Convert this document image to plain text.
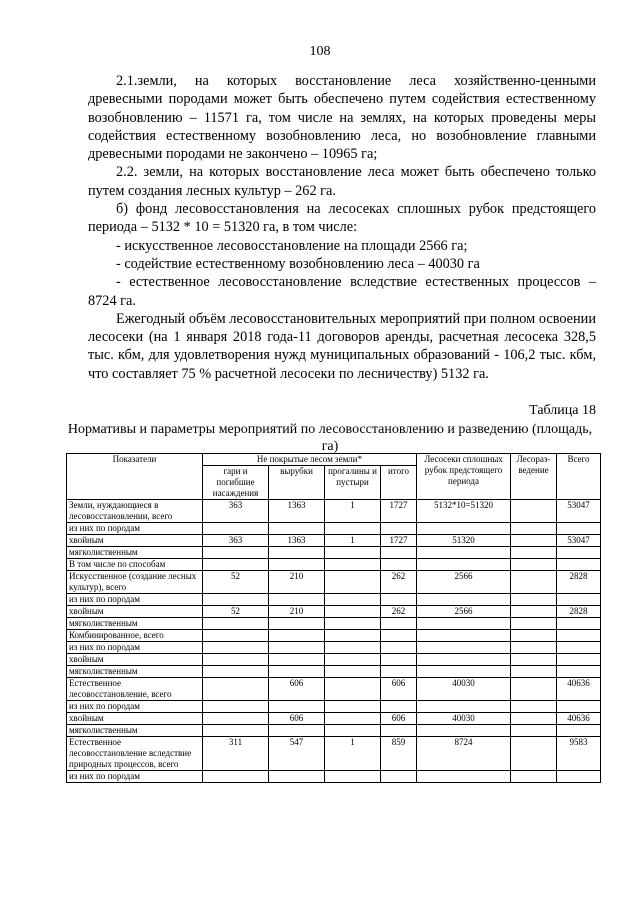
108

2.1.земли, на которых восстановление леса хозяйственно-ценными древесными породами может быть обеспечено путем содействия естественному возобновлению – 11571 га, том числе на землях, на которых проведены меры содействия естественному возобновлению леса, но возобновление главными древесными породами не закончено – 10965 га;

2.2. земли, на которых восстановление леса может быть обеспечено только путем создания лесных культур – 262 га.

б) фонд лесовосстановления на лесосеках сплошных рубок предстоящего периода – 5132 * 10 = 51320 га, в том числе:

- искусственное лесовосстановление на площади 2566 га;

- содействие естественному возобновлению леса – 40030 га

- естественное лесовосстановление вследствие естественных процессов – 8724 га.

Ежегодный объём лесовосстановительных мероприятий при полном освоении лесосеки (на 1 января 2018 года-11 договоров аренды, расчетная лесосека 328,5 тыс. кбм, для удовлетворения нужд муниципальных образований - 106,2 тыс. кбм, что составляет 75 % расчетной лесосеки по лесничеству) 5132 га.

Таблица 18
Нормативы и параметры мероприятий по лесовосстановлению и разведению (площадь, га)
Показатели	Не покрытые лесом земли*				Лесосеки сплошных рубок предстоящего периода	Лесораз-ведение	Всего
	гари и погибшие насаждения	вырубки	прогалины и пустыри	итого			
Земли, нуждающиеся в лесовосстановлении, всего	363	1363	1	1727	5132*10=51320		53047
из них по породам							
хвойным	363	1363	1	1727	51320		53047
мягколиственным							
В том числе по способам							
Искусственное (создание лесных культур), всего	52	210		262	2566		2828
из них по породам							
хвойным	52	210		262	2566		2828
мягколиственным							
Комбинированное, всего							
из них по породам							
хвойным							
мягколиственным							
Естественное лесовосстановление, всего		606		606	40030		40636
из них по породам							
хвойным		606		606	40030		40636
мягколиственным							
Естественное лесовосстановление вследствие природных процессов, всего	311	547	1	859	8724		9583
из них по породам							
